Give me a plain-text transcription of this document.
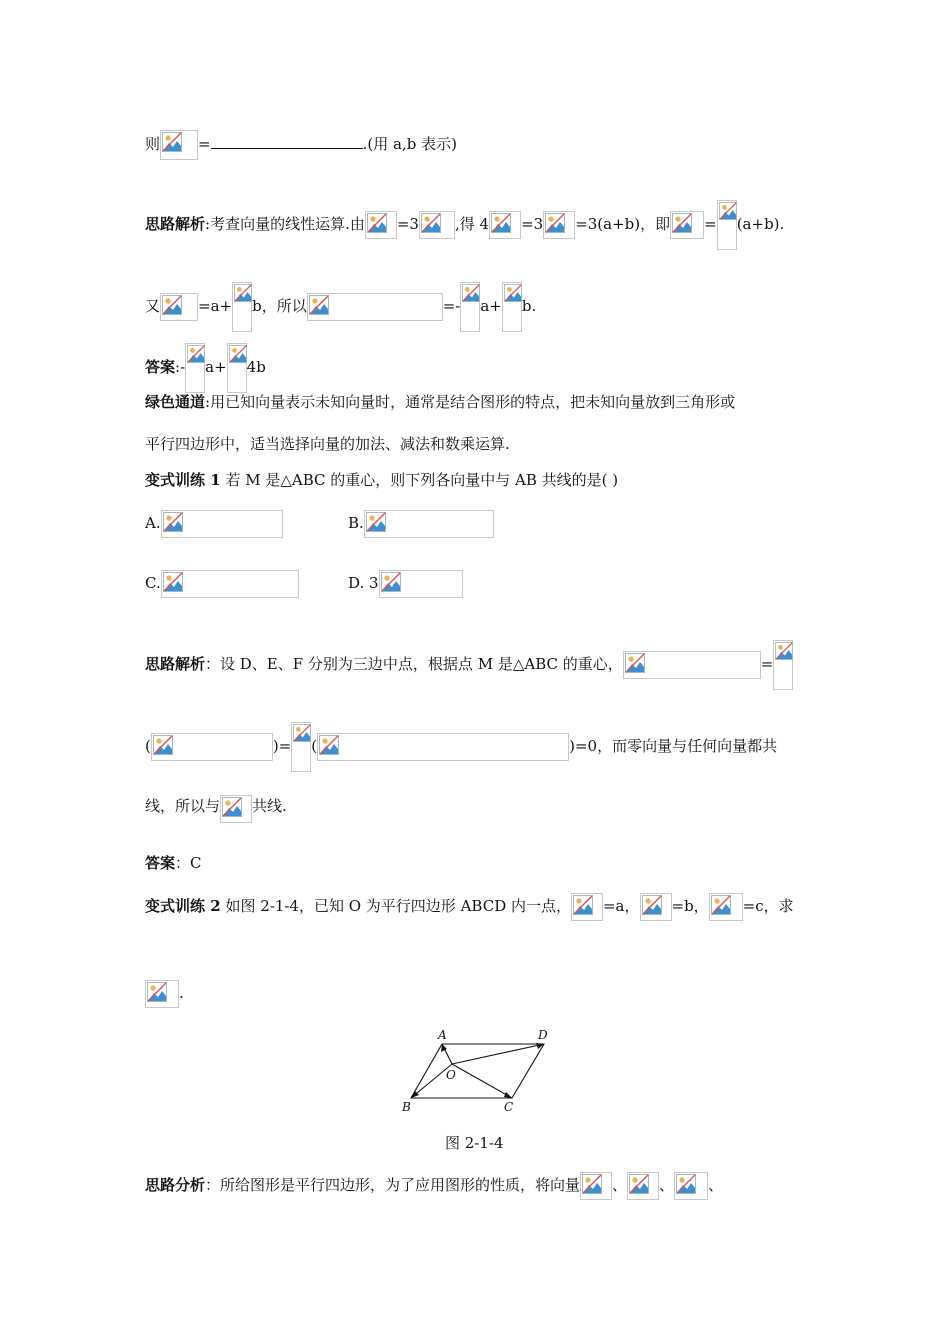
则	=	.(用 a,b 表示)
思路解析:考查向量的线性运算.由 =3 ,得 4 =3 =3(a+b)，即 = (a+b).
又	=a+ b，所以	=- a+ b.
答案:- a+ 4b
绿色通道:用已知向量表示未知向量时，通常是结合图形的特点，把未知向量放到三角形或
平行四边形中，适当选择向量的加法、减法和数乘运算.
变式训练 1 若 M 是△ABC 的重心，则下列各向量中与 AB 共线的是( )
A.	B.
C.	D. 3
思路解析：设 D、E、F 分别为三边中点，根据点 M 是△ABC 的重心，	=
(	)= (	)=0，而零向量与任何向量都共
线，所以与 共线.
答案：C
变式训练 2 如图 2-1-4，已知 O 为平行四边形 ABCD 内一点， =a， =b， =c，求
.
A	D
O
B	C
图 2-1-4
思路分析：所给图形是平行四边形，为了应用图形的性质，将向量 、 、 、
